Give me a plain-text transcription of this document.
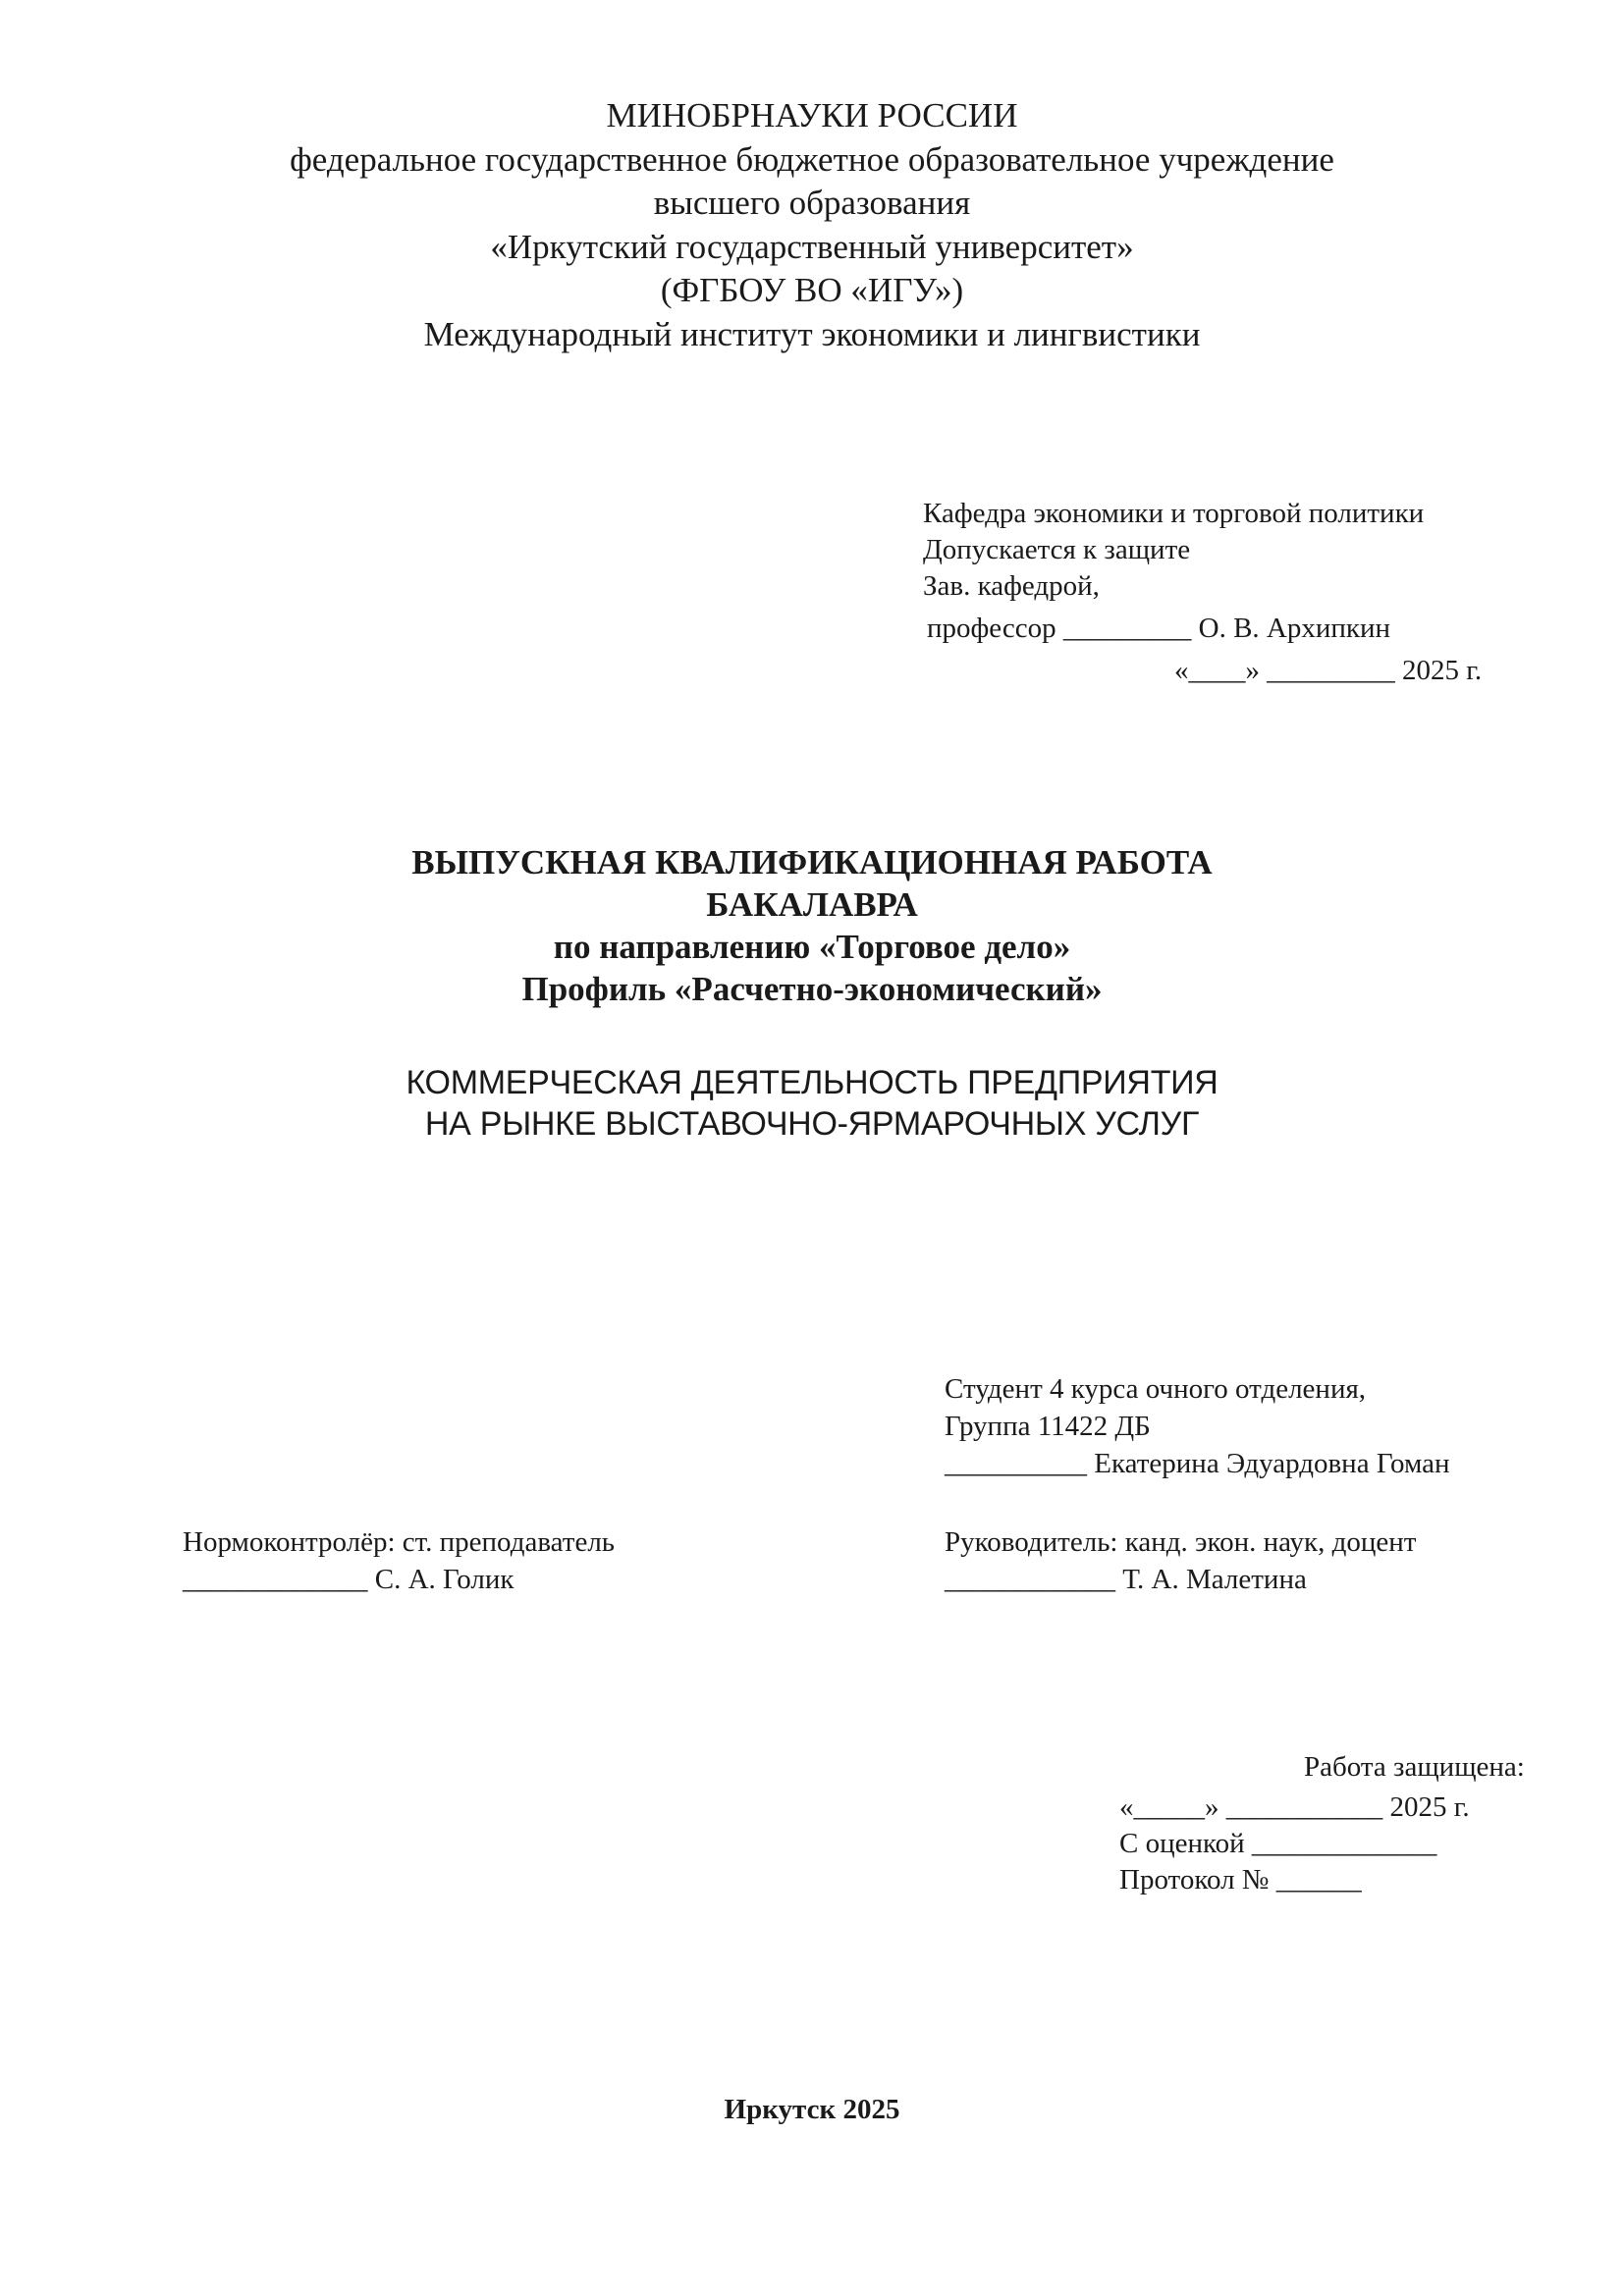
МИНОБРНАУКИ РОССИИ
федеральное государственное бюджетное образовательное учреждение
высшего образования
«Иркутский государственный университет»
(ФГБОУ ВО «ИГУ»)
Международный институт экономики и лингвистики
Кафедра экономики и торговой политики
Допускается к защите
Зав. кафедрой,
профессор _________ О. В. Архипкин
«____» _________ 2025 г.
ВЫПУСКНАЯ КВАЛИФИКАЦИОННАЯ РАБОТА
БАКАЛАВРА
по направлению «Торговое дело»
Профиль «Расчетно-экономический»
КОММЕРЧЕСКАЯ ДЕЯТЕЛЬНОСТЬ ПРЕДПРИЯТИЯ
НА РЫНКЕ ВЫСТАВОЧНО-ЯРМАРОЧНЫХ УСЛУГ
Студент 4 курса очного отделения,
Группа 11422 ДБ
__________ Екатерина Эдуардовна Гоман
Нормоконтролёр: ст. преподаватель
_____________ С. А. Голик
Руководитель: канд. экон. наук, доцент
____________ Т. А. Малетина
Работа защищена:
«_____» ___________ 2025 г.
С оценкой _____________
Протокол № ______
Иркутск 2025
